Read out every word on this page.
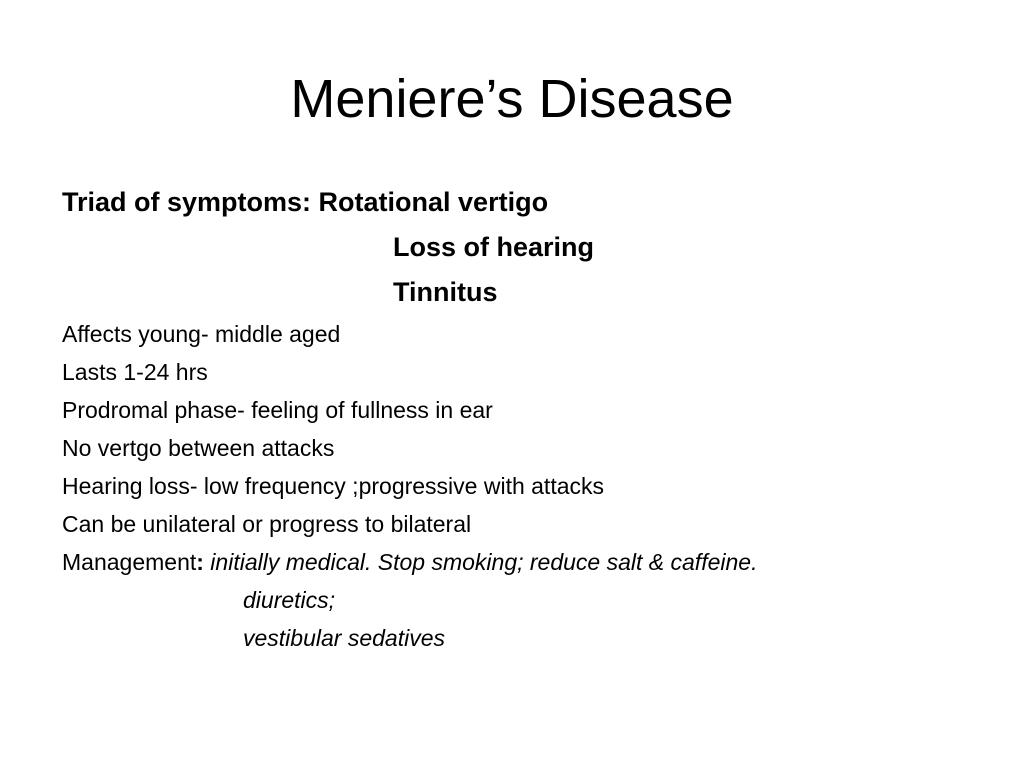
Meniere’s Disease
Triad of symptoms: Rotational vertigo
Loss of hearing
Tinnitus
Affects young- middle aged
Lasts 1-24 hrs
Prodromal phase- feeling of fullness in ear
No vertgo between attacks
Hearing loss- low frequency ;progressive with attacks
Can be unilateral or progress to bilateral
Management: initially medical. Stop smoking; reduce salt & caffeine.
diuretics;
vestibular sedatives
